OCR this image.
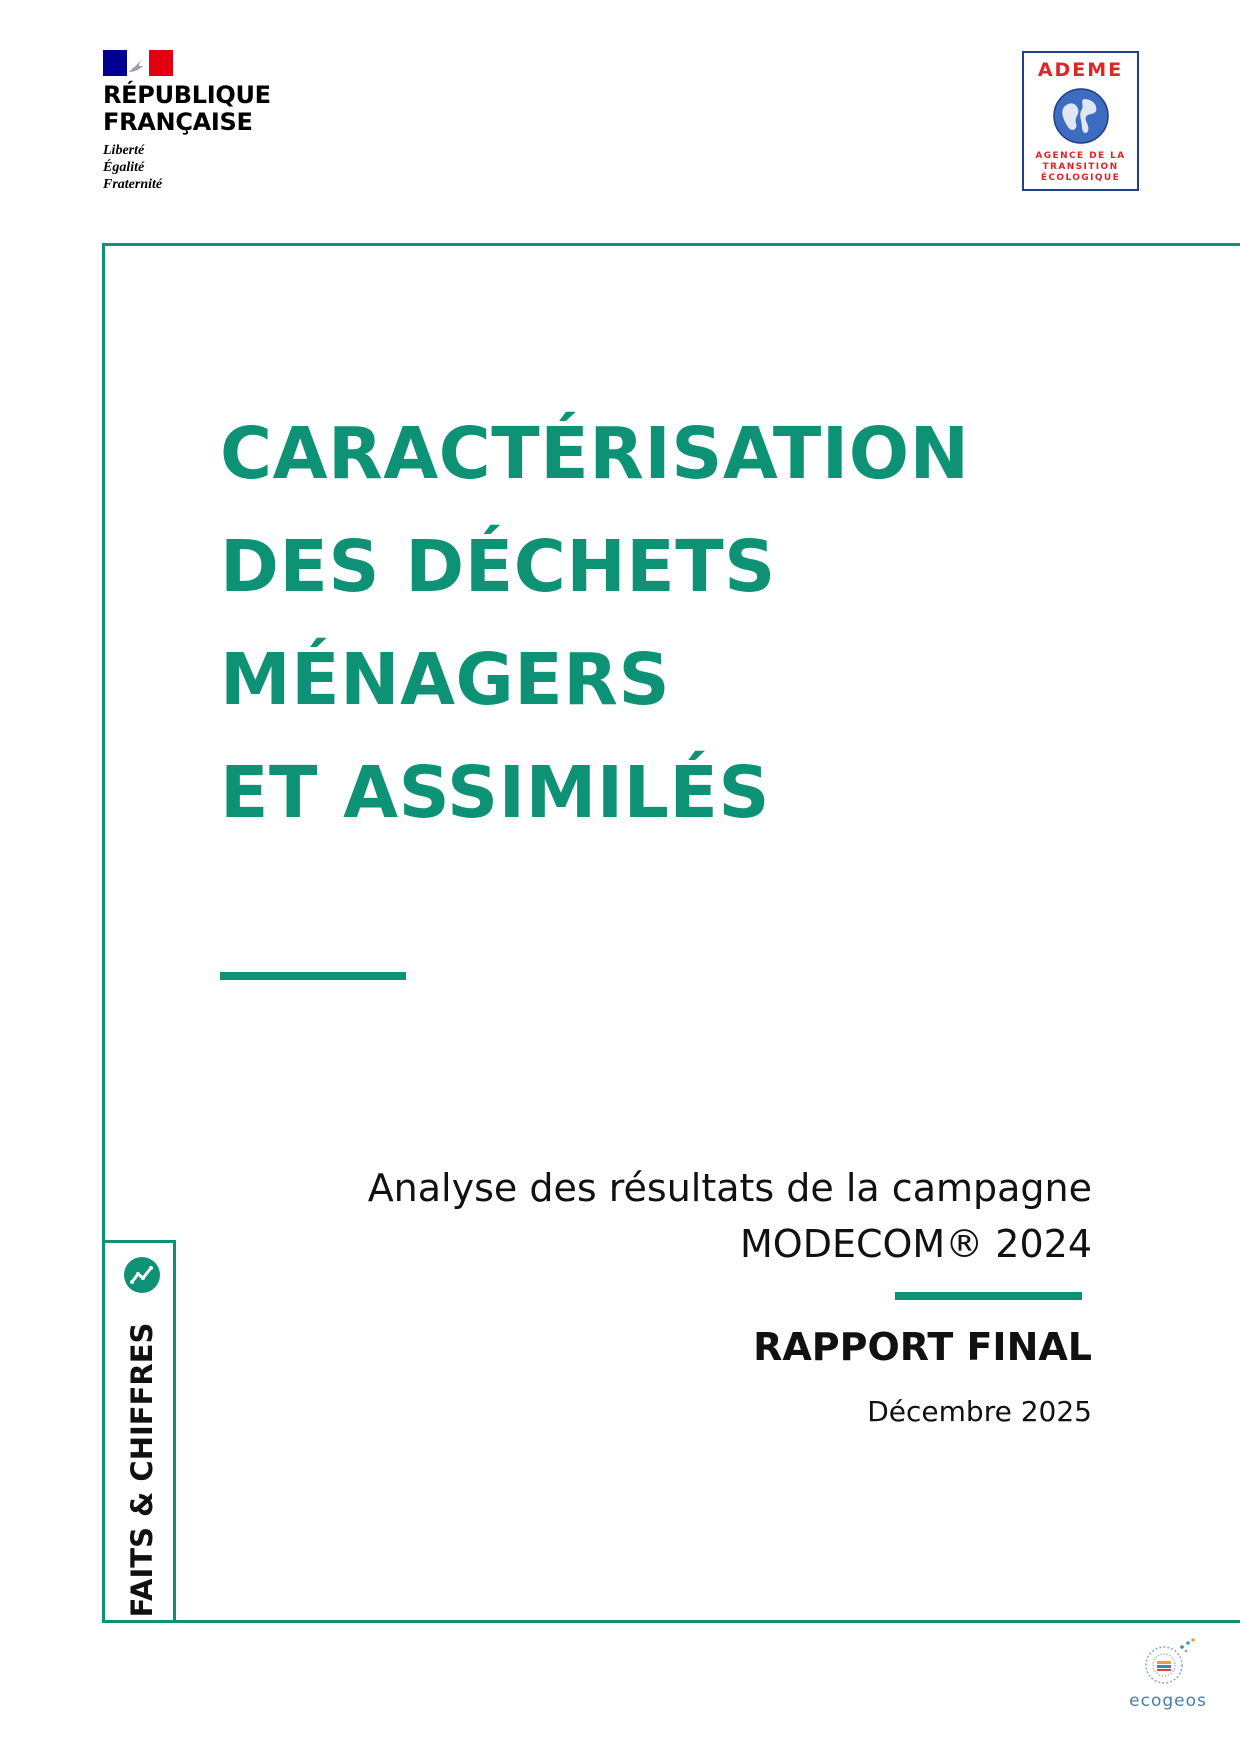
RÉPUBLIQUE
FRANÇAISE
Liberté
Égalité
Fraternité
ADEME
AGENCE DE LA
TRANSITION
ÉCOLOGIQUE
CARACTÉRISATION
DES DÉCHETS
MÉNAGERS
ET ASSIMILÉS
Analyse des résultats de la campagne
MODECOM® 2024
RAPPORT FINAL
Décembre 2025
FAITS & CHIFFRES
ecogeos
